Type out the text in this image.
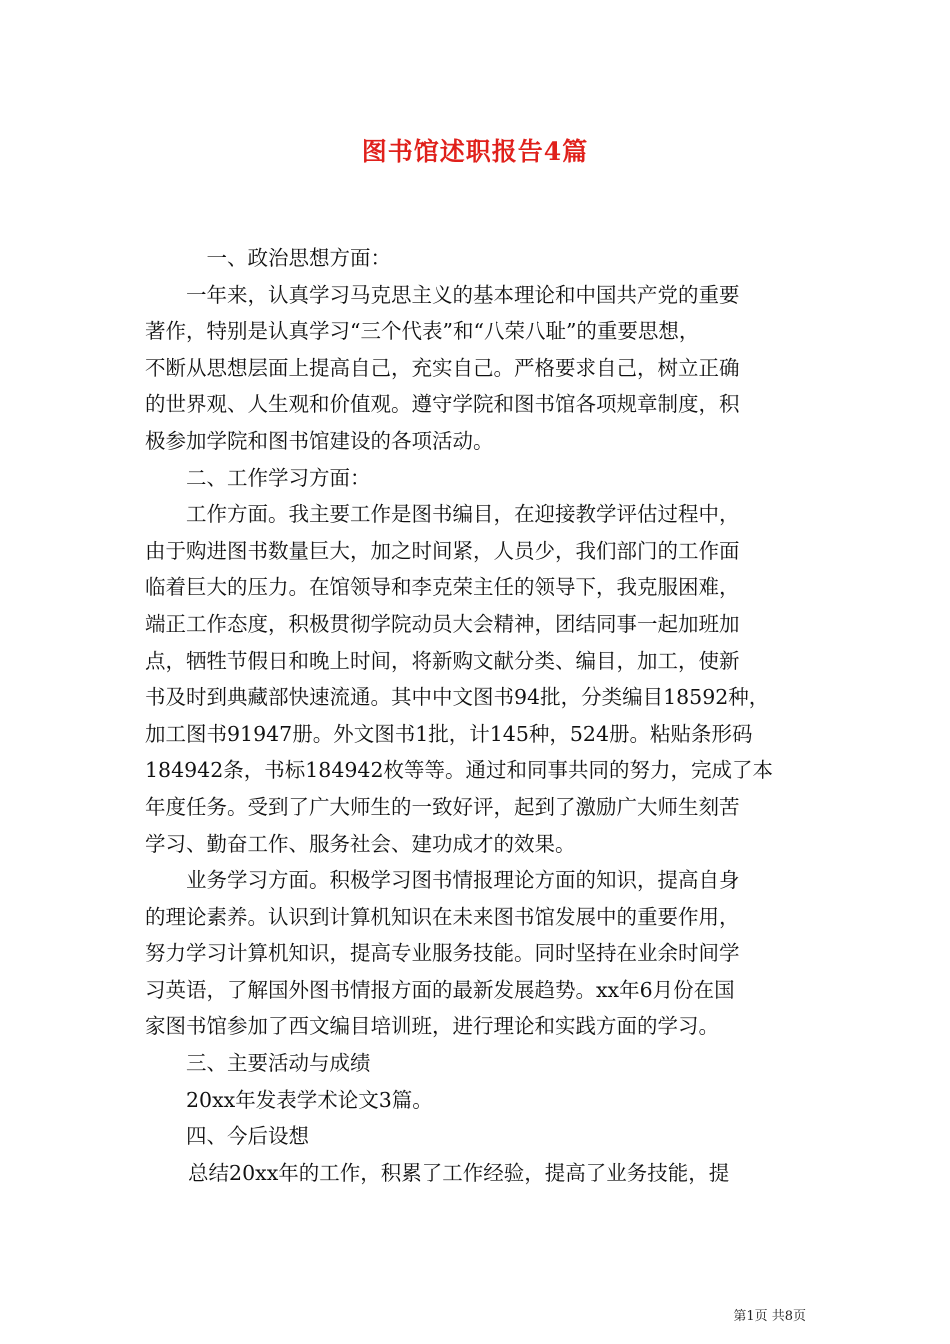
图书馆述职报告4篇
一、政治思想方面：
一年来，认真学习马克思主义的基本理论和中国共产党的重要
著作，特别是认真学习“三个代表”和“八荣八耻”的重要思想，
不断从思想层面上提高自己，充实自己。严格要求自己，树立正确
的世界观、人生观和价值观。遵守学院和图书馆各项规章制度，积
极参加学院和图书馆建设的各项活动。
二、工作学习方面：
工作方面。我主要工作是图书编目，在迎接教学评估过程中，
由于购进图书数量巨大，加之时间紧，人员少，我们部门的工作面
临着巨大的压力。在馆领导和李克荣主任的领导下，我克服困难，
端正工作态度，积极贯彻学院动员大会精神，团结同事一起加班加
点，牺牲节假日和晚上时间，将新购文献分类、编目，加工，使新
书及时到典藏部快速流通。其中中文图书94批，分类编目18592种，
加工图书91947册。外文图书1批，计145种，524册。粘贴条形码
184942条，书标184942枚等等。通过和同事共同的努力，完成了本
年度任务。受到了广大师生的一致好评，起到了激励广大师生刻苦
学习、勤奋工作、服务社会、建功成才的效果。
业务学习方面。积极学习图书情报理论方面的知识，提高自身
的理论素养。认识到计算机知识在未来图书馆发展中的重要作用，
努力学习计算机知识，提高专业服务技能。同时坚持在业余时间学
习英语，了解国外图书情报方面的最新发展趋势。xx年6月份在国
家图书馆参加了西文编目培训班，进行理论和实践方面的学习。
三、主要活动与成绩
20xx年发表学术论文3篇。
四、今后设想
总结20xx年的工作，积累了工作经验，提高了业务技能，提
第1页 共8页
